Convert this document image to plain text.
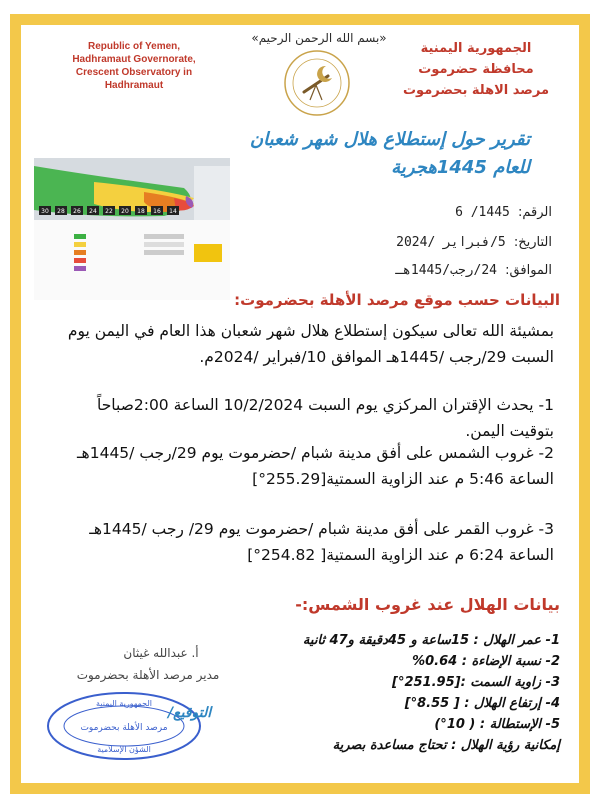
Republic of Yemen,
Hadhramaut Governorate,
Crescent Observatory in
Hadhramaut
«بسم الله الرحمن الرحيم»
الجمهورية اليمنية
محافظة حضرموت
مرصد الاهلة بحضرموت
تقرير حول إستطلاع هلال شهر شعبان للعام 1445هجرية
30 28 26 24 22 20 18 16 14	الرقم: 1445/ 6
التاريخ: 5/فبراير /2024
الموافق: 24/رجب/1445هـ
البيانات حسب موقع مرصد الأهلة بحضرموت:
بمشيئة الله تعالى سيكون إستطلاع هلال شهر شعبان هذا العام في اليمن يوم السبت 29/رجب /1445هـ الموافق 10/فبراير /2024م.
1- يحدث الإقتران المركزي يوم السبت 10/2/2024 الساعة 2:00صباحاً بتوقيت اليمن.
2- غروب الشمس على أفق مدينة شبام /حضرموت يوم 29/رجب /1445هـ الساعة 5:46 م عند الزاوية السمتية[255.29°]
3- غروب القمر على أفق مدينة شبام /حضرموت يوم 29/ رجب /1445هـ الساعة 6:24 م عند الزاوية السمتية[ 254.82°]
بيانات الهلال عند غروب الشمس:-
1- عمر الهلال : 15ساعة و 45دقيقة و47 ثانية
2- نسبة الإضاءة : 0.64%
3- زاوية السمت :[251.95°]
4- إرتفاع الهلال : [ 8.55°]
5- الإستطالة : ( 10°)
إمكانية رؤية الهلال : تحتاج مساعدة بصرية
أ. عبدالله غيثان
مدير مرصد الأهلة بحضرموت
الجمهورية اليمنية
مرصد الأهلة بحضرموت
الشؤن الإسلامية
التوقيع/
